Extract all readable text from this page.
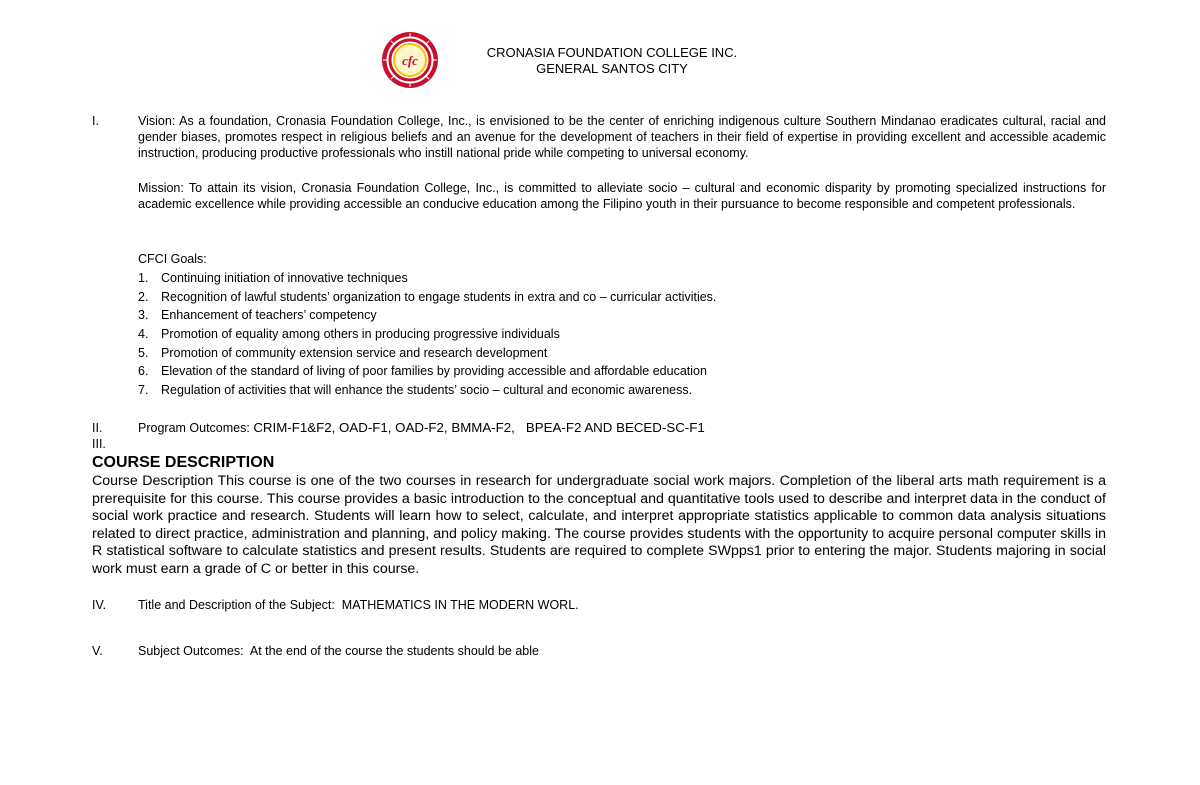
cfc
CRONASIA FOUNDATION COLLEGE INC.
GENERAL SANTOS CITY
I.	Vision: As a foundation, Cronasia Foundation College, Inc., is envisioned to be the center of enriching indigenous culture Southern Mindanao eradicates cultural, racial and gender biases, promotes respect in religious beliefs and an avenue for the development of teachers in their field of expertise in providing excellent and accessible academic instruction, producing productive professionals who instill national pride while competing to universal economy.
Mission: To attain its vision, Cronasia Foundation College, Inc., is committed to alleviate socio – cultural and economic disparity by promoting specialized instructions for academic excellence while providing accessible an conducive education among the Filipino youth in their pursuance to become responsible and competent professionals.
CFCI Goals:
1. Continuing initiation of innovative techniques
2. Recognition of lawful students’ organization to engage students in extra and co – curricular activities.
3. Enhancement of teachers’ competency
4. Promotion of equality among others in producing progressive individuals
5. Promotion of community extension service and research development
6. Elevation of the standard of living of poor families by providing accessible and affordable education
7. Regulation of activities that will enhance the students’ socio – cultural and economic awareness.
II.	Program Outcomes: CRIM-F1&F2, OAD-F1, OAD-F2, BMMA-F2,   BPEA-F2 AND BECED-SC-F1
III.
COURSE DESCRIPTION
Course Description This course is one of the two courses in research for undergraduate social work majors. Completion of the liberal arts math requirement is a prerequisite for this course. This course provides a basic introduction to the conceptual and quantitative tools used to describe and interpret data in the conduct of social work practice and research. Students will learn how to select, calculate, and interpret appropriate statistics applicable to common data analysis situations related to direct practice, administration and planning, and policy making. The course provides students with the opportunity to acquire personal computer skills in R statistical software to calculate statistics and present results. Students are required to complete SWpps1 prior to entering the major. Students majoring in social work must earn a grade of C or better in this course.
IV.	Title and Description of the Subject:  MATHEMATICS IN THE MODERN WORL.
V.	Subject Outcomes:  At the end of the course the students should be able
